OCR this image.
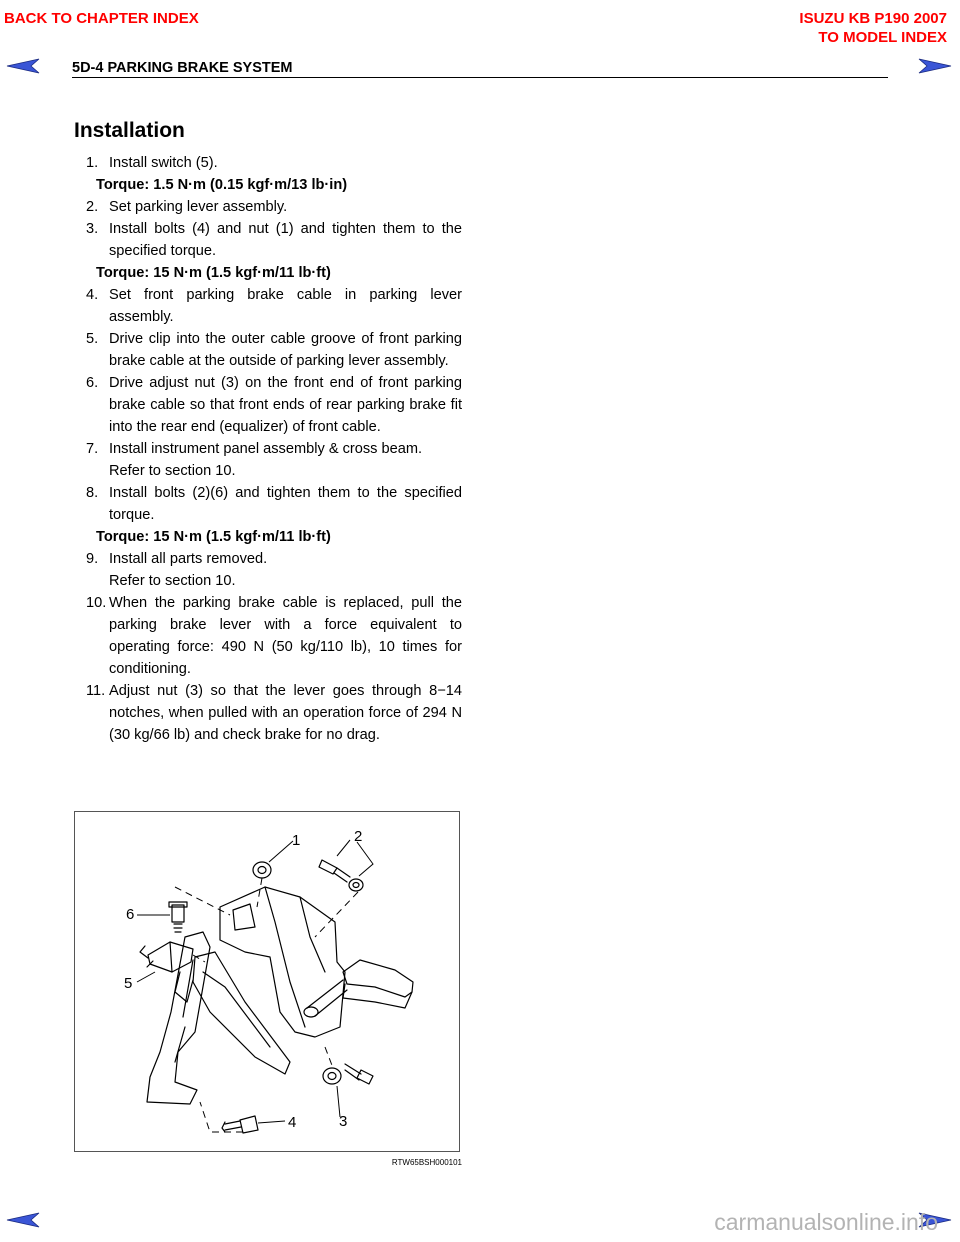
BACK TO CHAPTER INDEX	ISUZU KB P190 2007
TO MODEL INDEX
5D-4 PARKING BRAKE SYSTEM
Installation
1. Install switch (5).
Torque: 1.5 N·m (0.15 kgf·m/13 lb·in)
2. Set parking lever assembly.
3. Install bolts (4) and nut (1) and tighten them to the specified torque.
Torque: 15 N·m (1.5 kgf·m/11 lb·ft)
4. Set front parking brake cable in parking lever assembly.
5. Drive clip into the outer cable groove of front parking brake cable at the outside of parking lever assembly.
6. Drive adjust nut (3) on the front end of front parking brake cable so that front ends of rear parking brake fit into the rear end (equalizer) of front cable.
7. Install instrument panel assembly & cross beam.
Refer to section 10.
8. Install bolts (2)(6) and tighten them to the specified torque.
Torque: 15 N·m (1.5 kgf·m/11 lb·ft)
9. Install all parts removed.
Refer to section 10.
10. When the parking brake cable is replaced, pull the parking brake lever with a force equivalent to operating force: 490 N (50 kg/110 lb), 10 times for conditioning.
11. Adjust nut (3) so that the lever goes through 8−14 notches, when pulled with an operation force of 294 N (30 kg/66 lb) and check brake for no drag.
1	2
3
4
5
6
RTW65BSH000101
carmanualsonline.info
